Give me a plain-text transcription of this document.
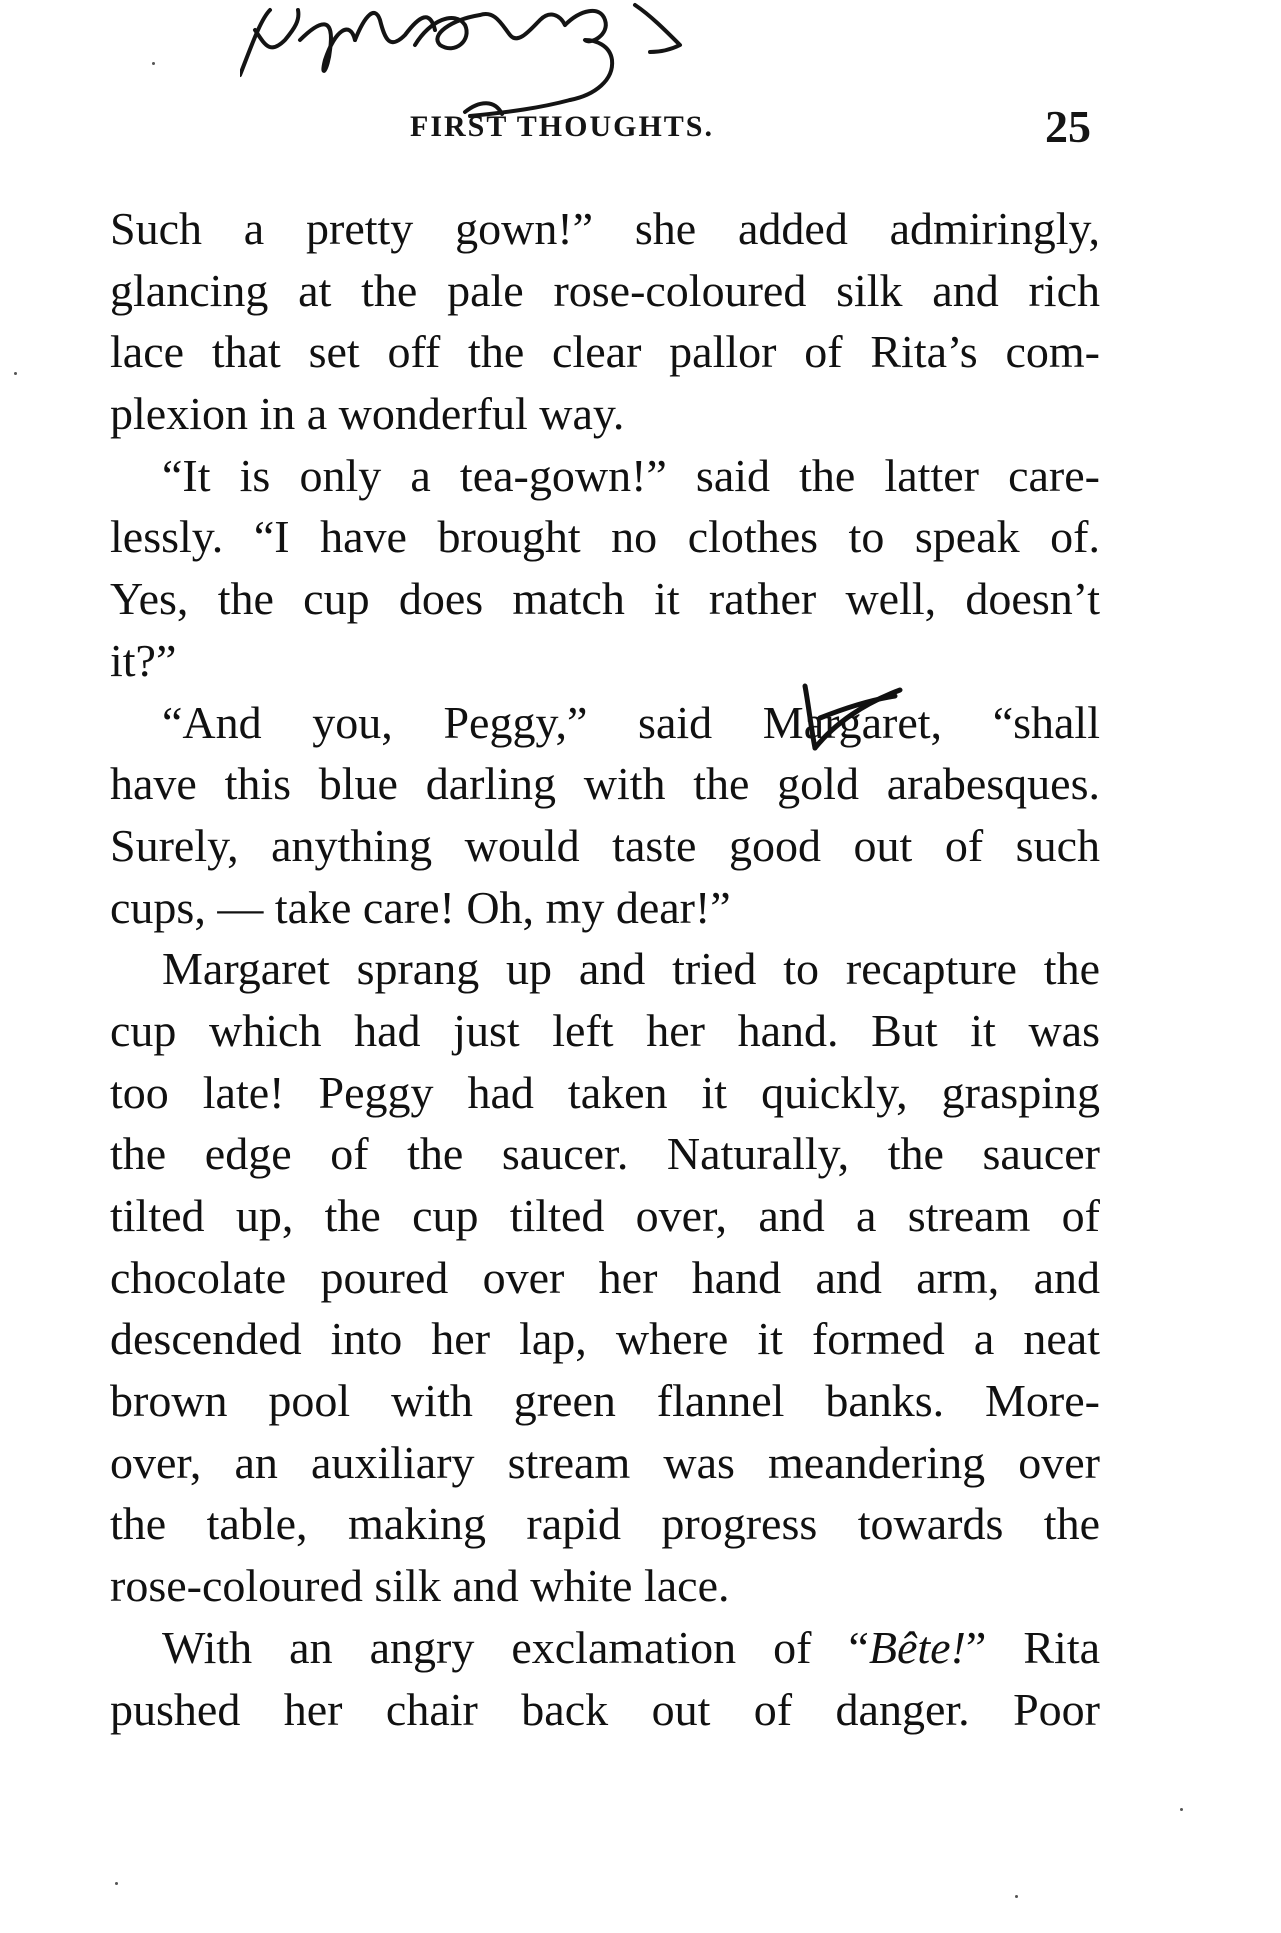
FIRST THOUGHTS.	25
Such a pretty gown!” she added admiringly,
glancing at the pale rose-coloured silk and rich
lace that set off the clear pallor of Rita’s com-
plexion in a wonderful way.
“It is only a tea-gown!” said the latter care-
lessly. “I have brought no clothes to speak of.
Yes, the cup does match it rather well, doesn’t
it?”
“And you, Peggy,” said Margaret, “shall
have this blue darling with the gold arabesques.
Surely, anything would taste good out of such
cups, — take care! Oh, my dear!”
Margaret sprang up and tried to recapture the
cup which had just left her hand. But it was
too late! Peggy had taken it quickly, grasping
the edge of the saucer. Naturally, the saucer
tilted up, the cup tilted over, and a stream of
chocolate poured over her hand and arm, and
descended into her lap, where it formed a neat
brown pool with green flannel banks. More-
over, an auxiliary stream was meandering over
the table, making rapid progress towards the
rose-coloured silk and white lace.
With an angry exclamation of “Bête!” Rita
pushed her chair back out of danger. Poor
